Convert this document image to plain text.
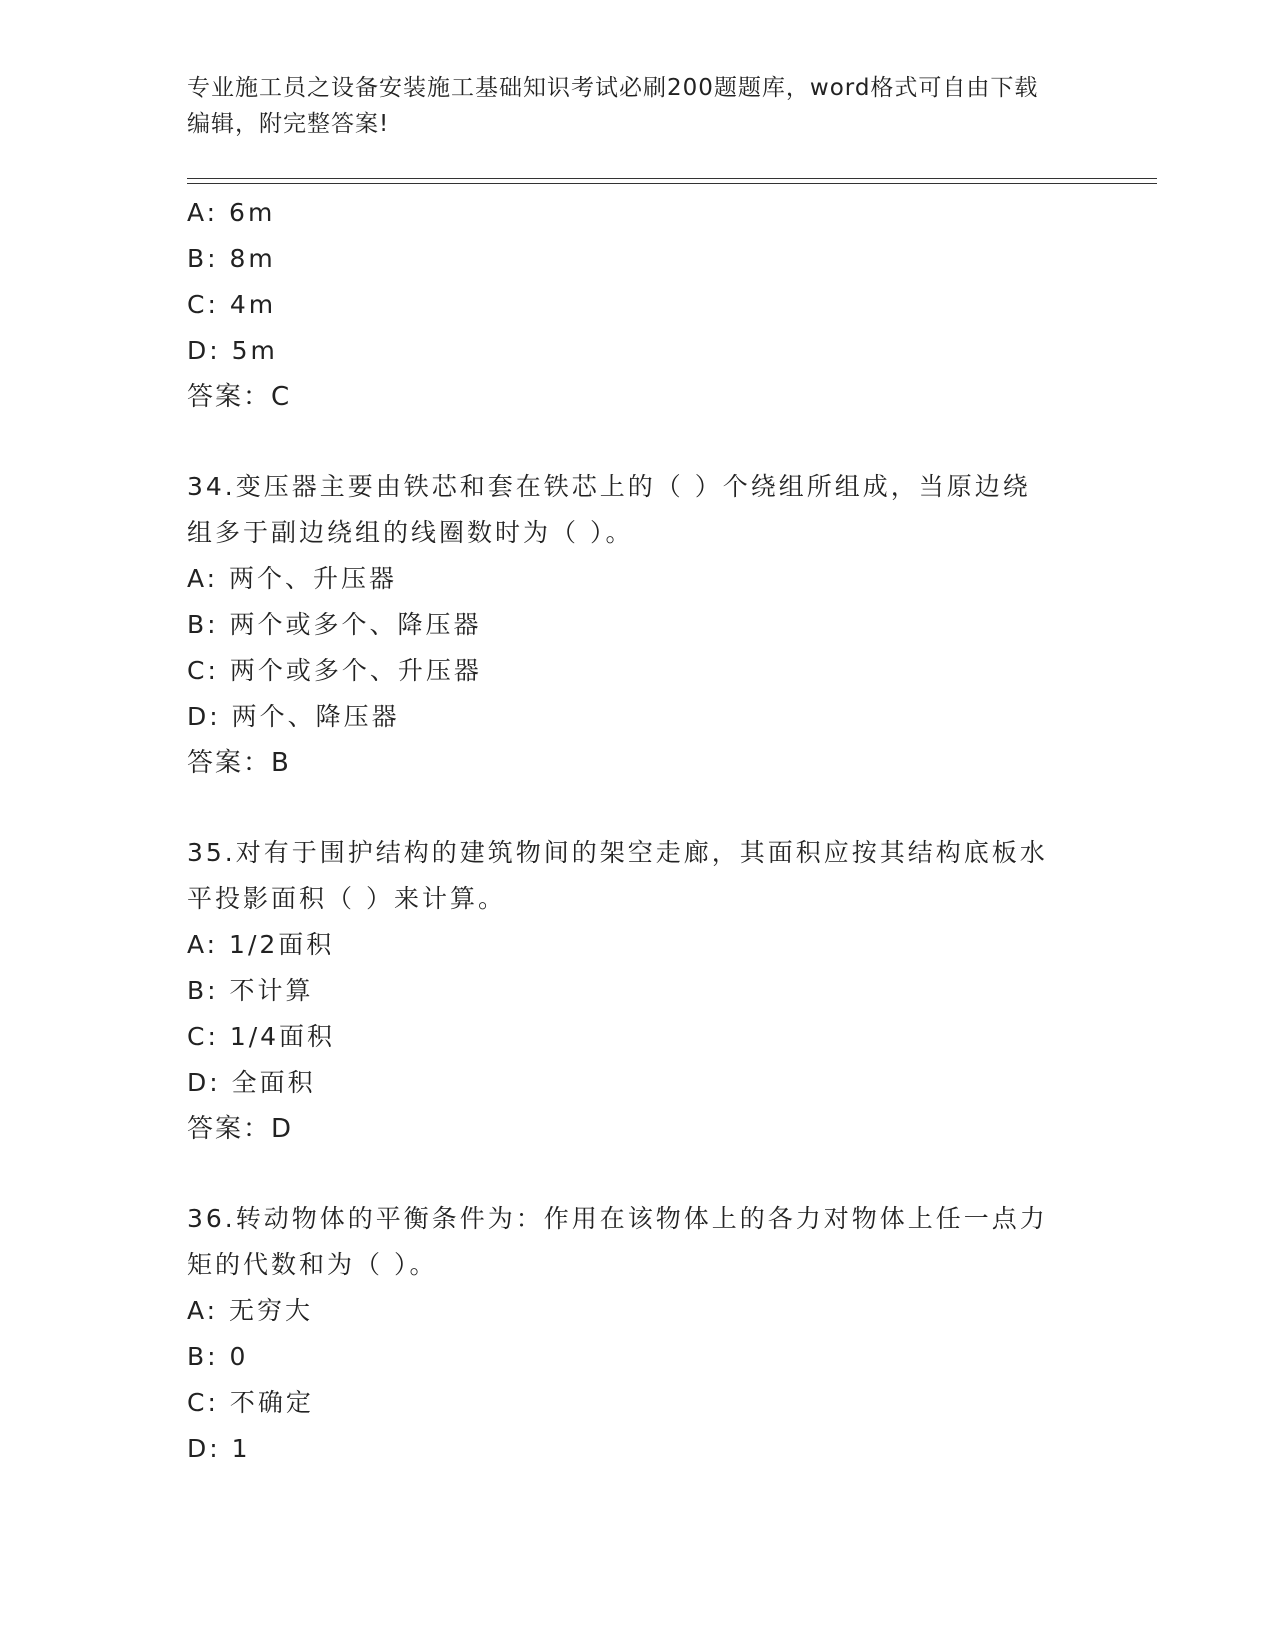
专业施工员之设备安装施工基础知识考试必刷200题题库，word格式可自由下载
编辑，附完整答案!
A: 6m
B: 8m
C: 4m
D: 5m
答案：C
34.变压器主要由铁芯和套在铁芯上的（ ）个绕组所组成，当原边绕
组多于副边绕组的线圈数时为（ ）。
A: 两个、升压器
B: 两个或多个、降压器
C: 两个或多个、升压器
D: 两个、降压器
答案：B
35.对有于围护结构的建筑物间的架空走廊，其面积应按其结构底板水
平投影面积（ ）来计算。
A: 1/2面积
B: 不计算
C: 1/4面积
D: 全面积
答案：D
36.转动物体的平衡条件为：作用在该物体上的各力对物体上任一点力
矩的代数和为（ ）。
A: 无穷大
B: 0
C: 不确定
D: 1
